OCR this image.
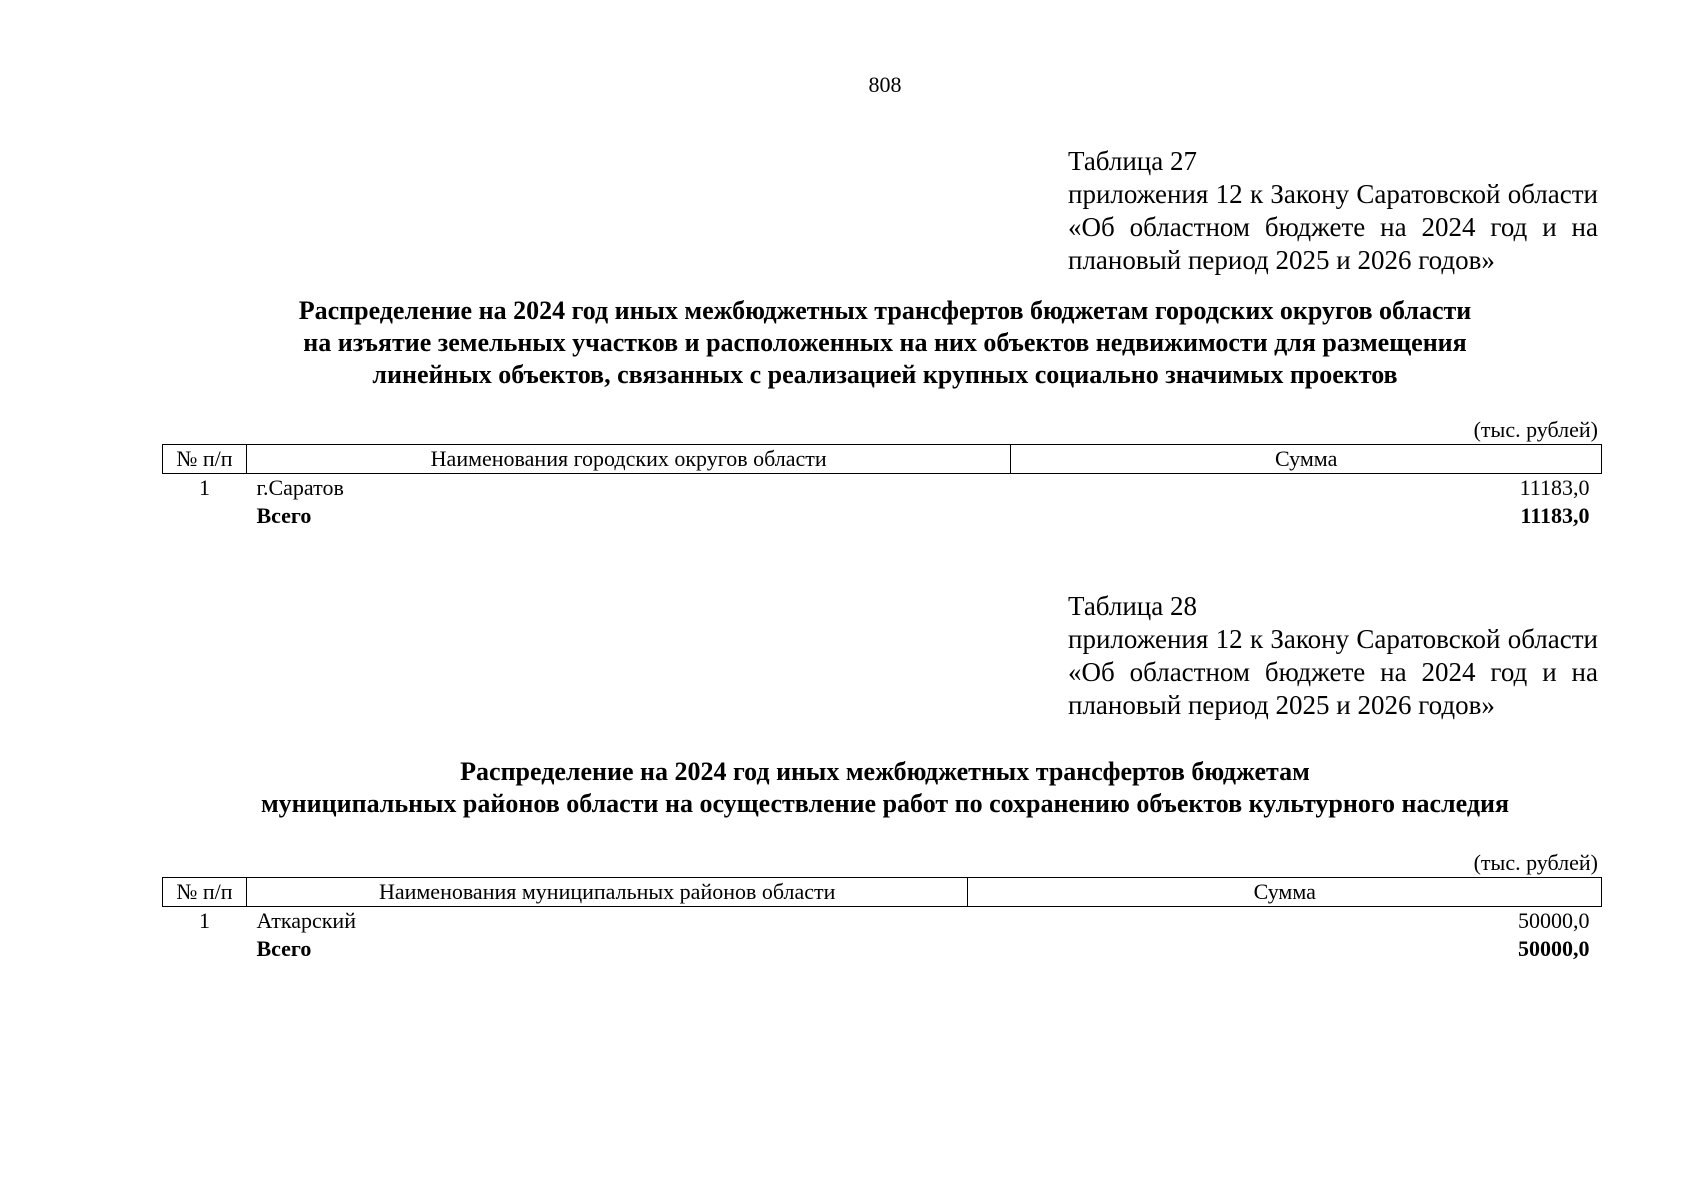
808
Таблица 27
приложения 12 к Закону Саратовской области «Об областном бюджете на 2024 год и на плановый период 2025 и 2026 годов»
Распределение на 2024 год иных межбюджетных трансфертов бюджетам городских округов области
на изъятие земельных участков и расположенных на них объектов недвижимости для размещения
линейных объектов, связанных с реализацией крупных социально значимых проектов
(тыс. рублей)
№ п/п	Наименования городских округов области	Сумма
1	г.Саратов	11183,0
	Всего	11183,0
Таблица 28
приложения 12 к Закону Саратовской области «Об областном бюджете на 2024 год и на плановый период 2025 и 2026 годов»
Распределение на 2024 год иных межбюджетных трансфертов бюджетам
муниципальных районов области на осуществление работ по сохранению объектов культурного наследия
(тыс. рублей)
№ п/п	Наименования муниципальных районов области	Сумма
1	Аткарский	50000,0
	Всего	50000,0
